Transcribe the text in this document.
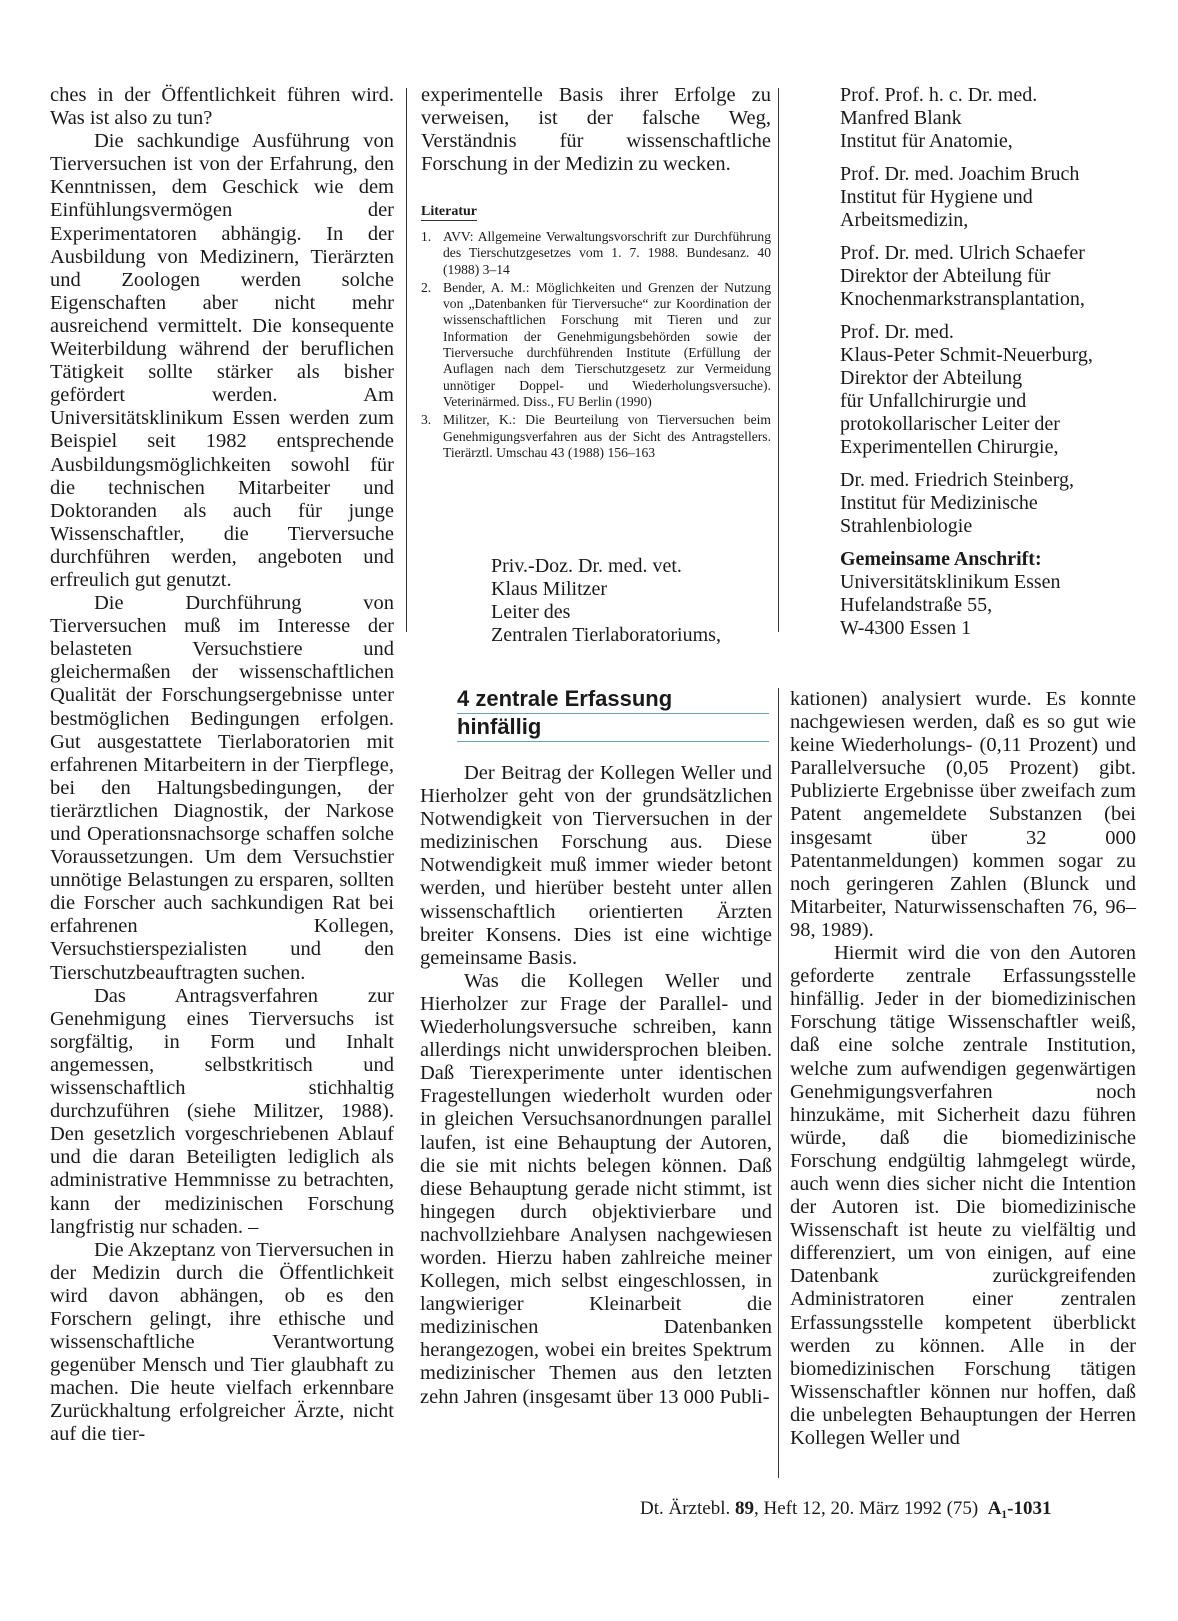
ches in der Öffentlichkeit führen wird. Was ist also zu tun?

Die sachkundige Ausführung von Tierversuchen ist von der Erfahrung, den Kenntnissen, dem Geschick wie dem Einfühlungsvermögen der Experimentatoren abhängig. In der Ausbildung von Medizinern, Tierärzten und Zoologen werden solche Eigenschaften aber nicht mehr ausreichend vermittelt. Die konsequente Weiterbildung während der beruflichen Tätigkeit sollte stärker als bisher gefördert werden. Am Universitätsklinikum Essen werden zum Beispiel seit 1982 entsprechende Ausbildungsmöglichkeiten sowohl für die technischen Mitarbeiter und Doktoranden als auch für junge Wissenschaftler, die Tierversuche durchführen werden, angeboten und erfreulich gut genutzt.

Die Durchführung von Tierversuchen muß im Interesse der belasteten Versuchstiere und gleichermaßen der wissenschaftlichen Qualität der Forschungsergebnisse unter bestmöglichen Bedingungen erfolgen. Gut ausgestattete Tierlaboratorien mit erfahrenen Mitarbeitern in der Tierpflege, bei den Haltungsbedingungen, der tierärztlichen Diagnostik, der Narkose und Operationsnachsorge schaffen solche Voraussetzungen. Um dem Versuchstier unnötige Belastungen zu ersparen, sollten die Forscher auch sachkundigen Rat bei erfahrenen Kollegen, Versuchstierspezialisten und den Tierschutzbeauftragten suchen.

Das Antragsverfahren zur Genehmigung eines Tierversuchs ist sorgfältig, in Form und Inhalt angemessen, selbstkritisch und wissenschaftlich stichhaltig durchzuführen (siehe Militzer, 1988). Den gesetzlich vorgeschriebenen Ablauf und die daran Beteiligten lediglich als administrative Hemmnisse zu betrachten, kann der medizinischen Forschung langfristig nur schaden. –

Die Akzeptanz von Tierversuchen in der Medizin durch die Öffentlichkeit wird davon abhängen, ob es den Forschern gelingt, ihre ethische und wissenschaftliche Verantwortung gegenüber Mensch und Tier glaubhaft zu machen. Die heute vielfach erkennbare Zurückhaltung erfolgreicher Ärzte, nicht auf die tier-

experimentelle Basis ihrer Erfolge zu verweisen, ist der falsche Weg, Verständnis für wissenschaftliche Forschung in der Medizin zu wecken.

Literatur
1. AVV: Allgemeine Verwaltungsvorschrift zur Durchführung des Tierschutzgesetzes vom 1. 7. 1988. Bundesanz. 40 (1988) 3–14
2. Bender, A. M.: Möglichkeiten und Grenzen der Nutzung von „Datenbanken für Tierversuche“ zur Koordination der wissenschaftlichen Forschung mit Tieren und zur Information der Genehmigungsbehörden sowie der Tierversuche durchführenden Institute (Erfüllung der Auflagen nach dem Tierschutzgesetz zur Vermeidung unnötiger Doppel- und Wiederholungsversuche). Veterinärmed. Diss., FU Berlin (1990)
3. Militzer, K.: Die Beurteilung von Tierversuchen beim Genehmigungsverfahren aus der Sicht des Antragstellers. Tierärztl. Umschau 43 (1988) 156–163
Priv.-Doz. Dr. med. vet.
Klaus Militzer
Leiter des
Zentralen Tierlaboratoriums,

Prof. Prof. h. c. Dr. med.
Manfred Blank
Institut für Anatomie,

Prof. Dr. med. Joachim Bruch
Institut für Hygiene und
Arbeitsmedizin,

Prof. Dr. med. Ulrich Schaefer
Direktor der Abteilung für
Knochenmarkstransplantation,

Prof. Dr. med.
Klaus-Peter Schmit-Neuerburg,
Direktor der Abteilung
für Unfallchirurgie und
protokollarischer Leiter der
Experimentellen Chirurgie,

Dr. med. Friedrich Steinberg,
Institut für Medizinische
Strahlenbiologie

Gemeinsame Anschrift:
Universitätsklinikum Essen
Hufelandstraße 55,
W-4300 Essen 1

4 zentrale Erfassung
hinfällig

Der Beitrag der Kollegen Weller und Hierholzer geht von der grundsätzlichen Notwendigkeit von Tierversuchen in der medizinischen Forschung aus. Diese Notwendigkeit muß immer wieder betont werden, und hierüber besteht unter allen wissenschaftlich orientierten Ärzten breiter Konsens. Dies ist eine wichtige gemeinsame Basis.

Was die Kollegen Weller und Hierholzer zur Frage der Parallel- und Wiederholungsversuche schreiben, kann allerdings nicht unwidersprochen bleiben. Daß Tierexperimente unter identischen Fragestellungen wiederholt wurden oder in gleichen Versuchsanordnungen parallel laufen, ist eine Behauptung der Autoren, die sie mit nichts belegen können. Daß diese Behauptung gerade nicht stimmt, ist hingegen durch objektivierbare und nachvollziehbare Analysen nachgewiesen worden. Hierzu haben zahlreiche meiner Kollegen, mich selbst eingeschlossen, in langwieriger Kleinarbeit die medizinischen Datenbanken herangezogen, wobei ein breites Spektrum medizinischer Themen aus den letzten zehn Jahren (insgesamt über 13 000 Publi-

kationen) analysiert wurde. Es konnte nachgewiesen werden, daß es so gut wie keine Wiederholungs- (0,11 Prozent) und Parallelversuche (0,05 Prozent) gibt. Publizierte Ergebnisse über zweifach zum Patent angemeldete Substanzen (bei insgesamt über 32 000 Patentanmeldungen) kommen sogar zu noch geringeren Zahlen (Blunck und Mitarbeiter, Naturwissenschaften 76, 96–98, 1989).

Hiermit wird die von den Autoren geforderte zentrale Erfassungsstelle hinfällig. Jeder in der biomedizinischen Forschung tätige Wissenschaftler weiß, daß eine solche zentrale Institution, welche zum aufwendigen gegenwärtigen Genehmigungsverfahren noch hinzukäme, mit Sicherheit dazu führen würde, daß die biomedizinische Forschung endgültig lahmgelegt würde, auch wenn dies sicher nicht die Intention der Autoren ist. Die biomedizinische Wissenschaft ist heute zu vielfältig und differenziert, um von einigen, auf eine Datenbank zurückgreifenden Administratoren einer zentralen Erfassungsstelle kompetent überblickt werden zu können. Alle in der biomedizinischen Forschung tätigen Wissenschaftler können nur hoffen, daß die unbelegten Behauptungen der Herren Kollegen Weller und

Dt. Ärztebl. 89, Heft 12, 20. März 1992 (75) A₁-1031
